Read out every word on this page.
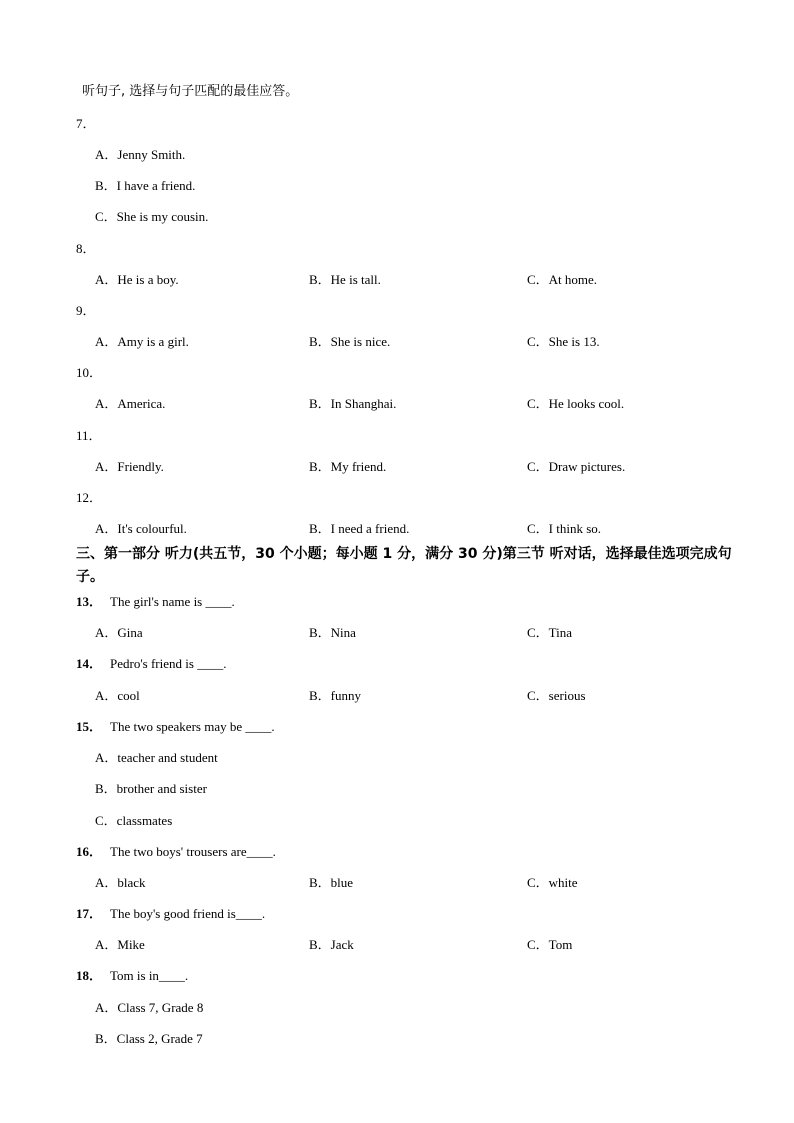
听句子, 选择与句子匹配的最佳应答。
7．
A．Jenny Smith.
B．I have a friend.
C．She is my cousin.
8．
A．He is a boy.	B．He is tall.	C．At home.
9．
A．Amy is a girl.	B．She is nice.	C．She is 13.
10．
A．America.	B．In Shanghai.	C．He looks cool.
11．
A．Friendly.	B．My friend.	C．Draw pictures.
12．
A．It's colourful.	B．I need a friend.	C．I think so.
三、第一部分 听力(共五节，30 个小题；每小题 1 分，满分 30 分)第三节 听对话，选择最佳选项完成句子。
13． The girl's name is ____.
A．Gina	B．Nina	C．Tina
14． Pedro's friend is ____.
A．cool	B．funny	C．serious
15． The two speakers may be ____.
A．teacher and student
B．brother and sister
C．classmates
16． The two boys' trousers are____.
A．black	B．blue	C．white
17． The boy's good friend is____.
A．Mike	B．Jack	C．Tom
18． Tom is in____.
A．Class 7, Grade 8
B．Class 2, Grade 7
